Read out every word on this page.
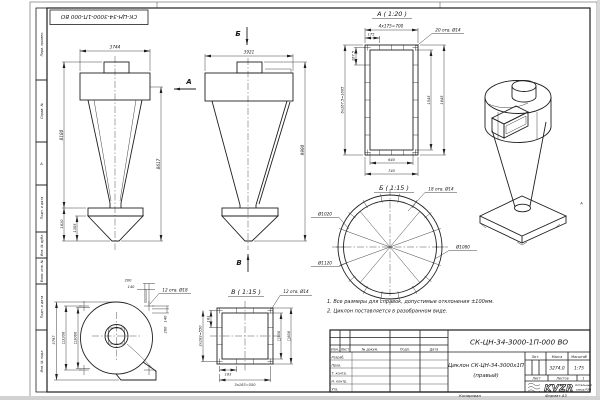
Перв. примен.
Справ. №
Подп. и дата
Инв. № дубл.
Взам. инв. №
Подп. и дата
Инв. № подл.
А
А
СК-ЦН-34-3000-1П-000 ВО
А
3744
8180
1810	1305
8617
Б
В
3921
9990
А ( 1:20 )
20 отв. Ø14
4x175=700
175
267,5
6x267,5=1605	1545	1645
640
740
Б ( 1:15 )	18 отв. Ø14
Ø1020
Ø1120
Ø1080
В ( 1:15 )	12 отв. Ø14
183
3x183=550
183
3x183=550
□500 □600
200
140
12 отв. Ø18
140
200
3797 □3206 □3060
1. Все размеры для справок, допустимые отклонения ±100мм.
2. Циклон поставляется в разобранном виде.
Изм. Лист	№ докум.	Подп.	Дата
Разраб.
Пров.
Т. контр.
Н. контр.
Утв.
СК-ЦН-34-3000-1П-000 ВО
Циклон СК-ЦН-34-3000х1П
(правый)
Лит.	Масса	Масштаб
3274,0 1:75
Лист	Листов	1
KVZR Котельный
завод РЭП
Копировал	Формат А3
